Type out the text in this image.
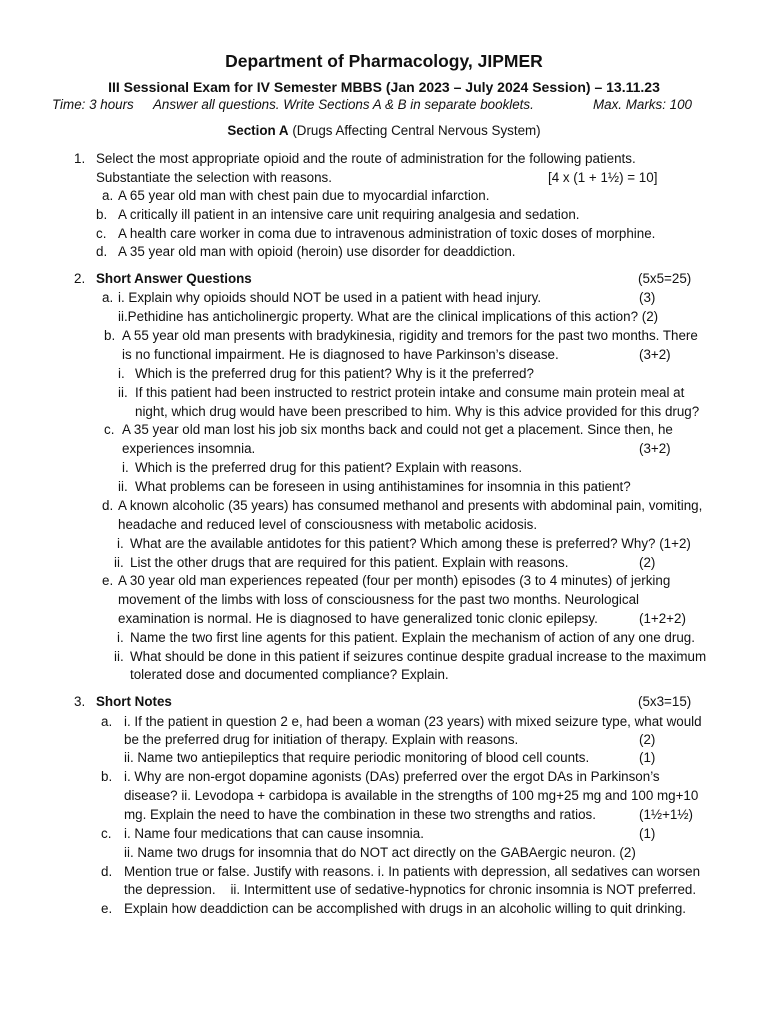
Department of Pharmacology, JIPMER
III Sessional Exam for IV Semester MBBS (Jan 2023 – July 2024 Session) – 13.11.23
Time: 3 hours Answer all questions. Write Sections A & B in separate booklets.	Max. Marks: 100
Section A (Drugs Affecting Central Nervous System)
1. Select the most appropriate opioid and the route of administration for the following patients.
Substantiate the selection with reasons.	[4 x (1 + 1½) = 10]
a. A 65 year old man with chest pain due to myocardial infarction.
b. A critically ill patient in an intensive care unit requiring analgesia and sedation.
c. A health care worker in coma due to intravenous administration of toxic doses of morphine.
d. A 35 year old man with opioid (heroin) use disorder for deaddiction.
2. Short Answer Questions	(5x5=25)
a. i. Explain why opioids should NOT be used in a patient with head injury.	(3)
ii.Pethidine has anticholinergic property. What are the clinical implications of this action? (2)
b. A 55 year old man presents with bradykinesia, rigidity and tremors for the past two months. There
is no functional impairment. He is diagnosed to have Parkinson’s disease.	(3+2)
i. Which is the preferred drug for this patient? Why is it the preferred?
ii. If this patient had been instructed to restrict protein intake and consume main protein meal at
night, which drug would have been prescribed to him. Why is this advice provided for this drug?
c. A 35 year old man lost his job six months back and could not get a placement. Since then, he
experiences insomnia.	(3+2)
i. Which is the preferred drug for this patient? Explain with reasons.
ii. What problems can be foreseen in using antihistamines for insomnia in this patient?
d. A known alcoholic (35 years) has consumed methanol and presents with abdominal pain, vomiting,
headache and reduced level of consciousness with metabolic acidosis.
i. What are the available antidotes for this patient? Which among these is preferred? Why? (1+2)
ii. List the other drugs that are required for this patient. Explain with reasons.	(2)
e. A 30 year old man experiences repeated (four per month) episodes (3 to 4 minutes) of jerking
movement of the limbs with loss of consciousness for the past two months. Neurological
examination is normal. He is diagnosed to have generalized tonic clonic epilepsy.	(1+2+2)
i. Name the two first line agents for this patient. Explain the mechanism of action of any one drug.
ii. What should be done in this patient if seizures continue despite gradual increase to the maximum
tolerated dose and documented compliance? Explain.
3. Short Notes	(5x3=15)
a. i. If the patient in question 2 e, had been a woman (23 years) with mixed seizure type, what would
be the preferred drug for initiation of therapy. Explain with reasons.	(2)
ii. Name two antiepileptics that require periodic monitoring of blood cell counts.	(1)
b. i. Why are non-ergot dopamine agonists (DAs) preferred over the ergot DAs in Parkinson’s
disease? ii. Levodopa + carbidopa is available in the strengths of 100 mg+25 mg and 100 mg+10
mg. Explain the need to have the combination in these two strengths and ratios.	(1½+1½)
c. i. Name four medications that can cause insomnia.	(1)
ii. Name two drugs for insomnia that do NOT act directly on the GABAergic neuron. (2)
d. Mention true or false. Justify with reasons. i. In patients with depression, all sedatives can worsen
the depression.    ii. Intermittent use of sedative-hypnotics for chronic insomnia is NOT preferred.
e. Explain how deaddiction can be accomplished with drugs in an alcoholic willing to quit drinking.
